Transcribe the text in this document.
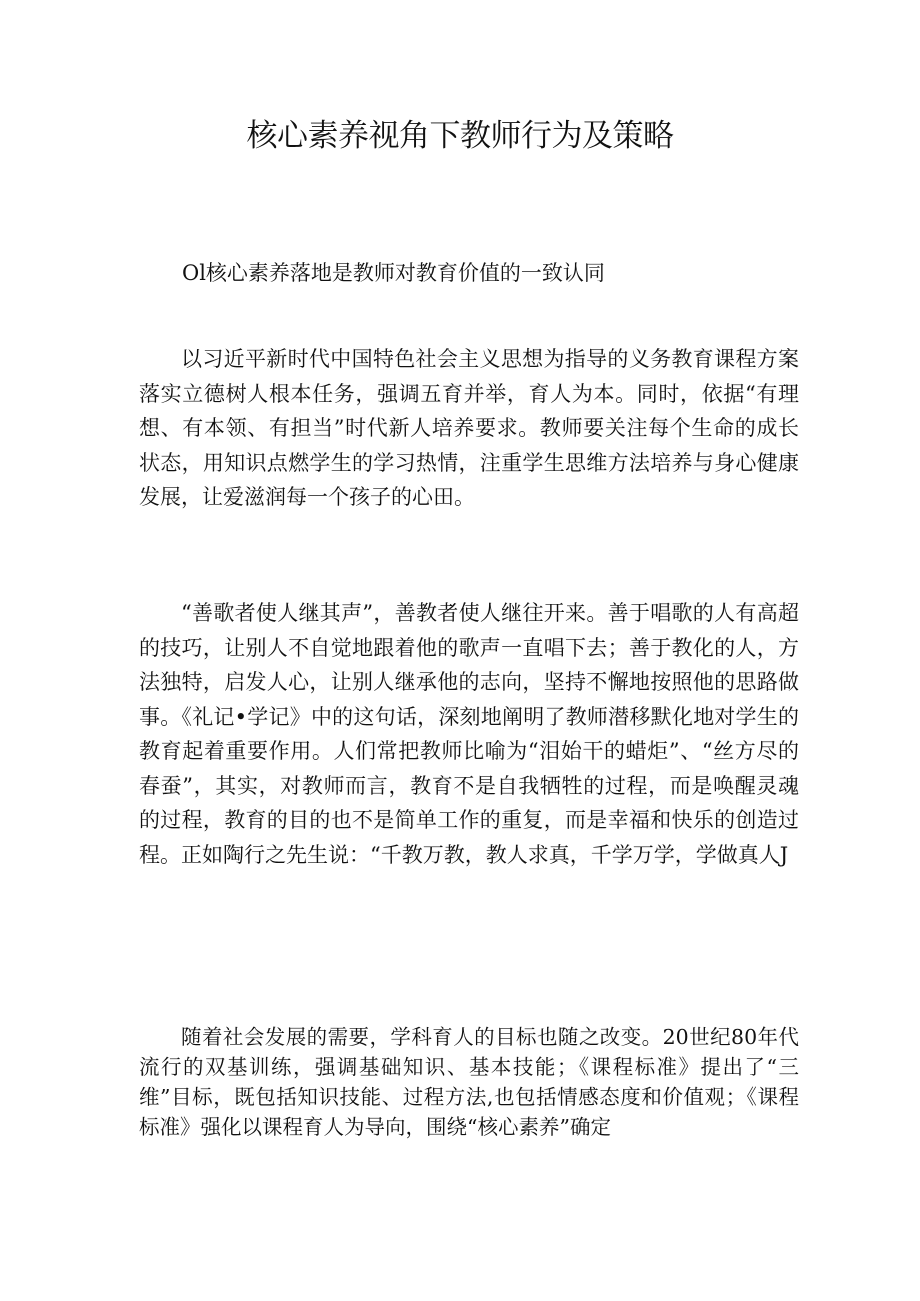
核心素养视角下教师行为及策略
Ol核心素养落地是教师对教育价值的一致认同

以习近平新时代中国特色社会主义思想为指导的义务教育课程方案落实立德树人根本任务，强调五育并举，育人为本。同时，依据“有理想、有本领、有担当”时代新人培养要求。教师要关注每个生命的成长状态，用知识点燃学生的学习热情，注重学生思维方法培养与身心健康发展，让爱滋润每一个孩子的心田。

“善歌者使人继其声”，善教者使人继往开来。善于唱歌的人有高超的技巧，让别人不自觉地跟着他的歌声一直唱下去；善于教化的人，方法独特，启发人心，让别人继承他的志向，坚持不懈地按照他的思路做事。《礼记•学记》中的这句话，深刻地阐明了教师潜移默化地对学生的教育起着重要作用。人们常把教师比喻为“泪始干的蜡炬”、“丝方尽的春蚕”，其实，对教师而言，教育不是自我牺牲的过程，而是唤醒灵魂的过程，教育的目的也不是简单工作的重复，而是幸福和快乐的创造过程。正如陶行之先生说：“千教万教，教人求真，千学万学，学做真人J

随着社会发展的需要，学科育人的目标也随之改变。20世纪80年代流行的双基训练，强调基础知识、基本技能；《课程标准》提出了“三维”目标，既包括知识技能、过程方法,也包括情感态度和价值观；《课程标准》强化以课程育人为导向，围绕“核心素养”确定
